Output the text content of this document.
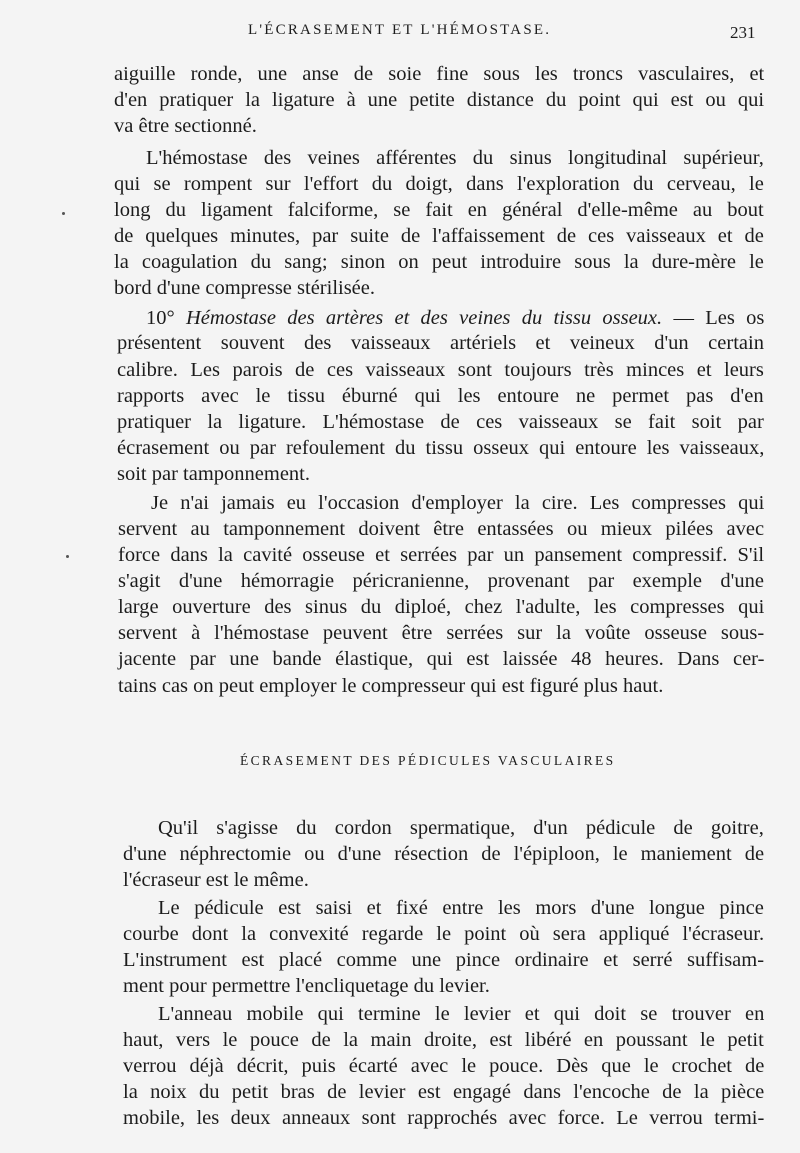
L'ÉCRASEMENT ET L'HÉMOSTASE.	231
aiguille ronde, une anse de soie fine sous les troncs vasculaires, et
d'en pratiquer la ligature à une petite distance du point qui est ou qui
va être sectionné.
L'hémostase des veines afférentes du sinus longitudinal supérieur,
qui se rompent sur l'effort du doigt, dans l'exploration du cerveau, le
long du ligament falciforme, se fait en général d'elle-même au bout
de quelques minutes, par suite de l'affaissement de ces vaisseaux et de
la coagulation du sang; sinon on peut introduire sous la dure-mère le
bord d'une compresse stérilisée.
10° Hémostase des artères et des veines du tissu osseux. — Les os
présentent souvent des vaisseaux artériels et veineux d'un certain
calibre. Les parois de ces vaisseaux sont toujours très minces et leurs
rapports avec le tissu éburné qui les entoure ne permet pas d'en
pratiquer la ligature. L'hémostase de ces vaisseaux se fait soit par
écrasement ou par refoulement du tissu osseux qui entoure les vaisseaux,
soit par tamponnement.
Je n'ai jamais eu l'occasion d'employer la cire. Les compresses qui
servent au tamponnement doivent être entassées ou mieux pilées avec
force dans la cavité osseuse et serrées par un pansement compressif. S'il
s'agit d'une hémorragie péricranienne, provenant par exemple d'une
large ouverture des sinus du diploé, chez l'adulte, les compresses qui
servent à l'hémostase peuvent être serrées sur la voûte osseuse sous-
jacente par une bande élastique, qui est laissée 48 heures. Dans cer-
tains cas on peut employer le compresseur qui est figuré plus haut.
ÉCRASEMENT DES PÉDICULES VASCULAIRES
Qu'il s'agisse du cordon spermatique, d'un pédicule de goitre,
d'une néphrectomie ou d'une résection de l'épiploon, le maniement de
l'écraseur est le même.
Le pédicule est saisi et fixé entre les mors d'une longue pince
courbe dont la convexité regarde le point où sera appliqué l'écraseur.
L'instrument est placé comme une pince ordinaire et serré suffisam-
ment pour permettre l'encliquetage du levier.
L'anneau mobile qui termine le levier et qui doit se trouver en
haut, vers le pouce de la main droite, est libéré en poussant le petit
verrou déjà décrit, puis écarté avec le pouce. Dès que le crochet de
la noix du petit bras de levier est engagé dans l'encoche de la pièce
mobile, les deux anneaux sont rapprochés avec force. Le verrou termi-
